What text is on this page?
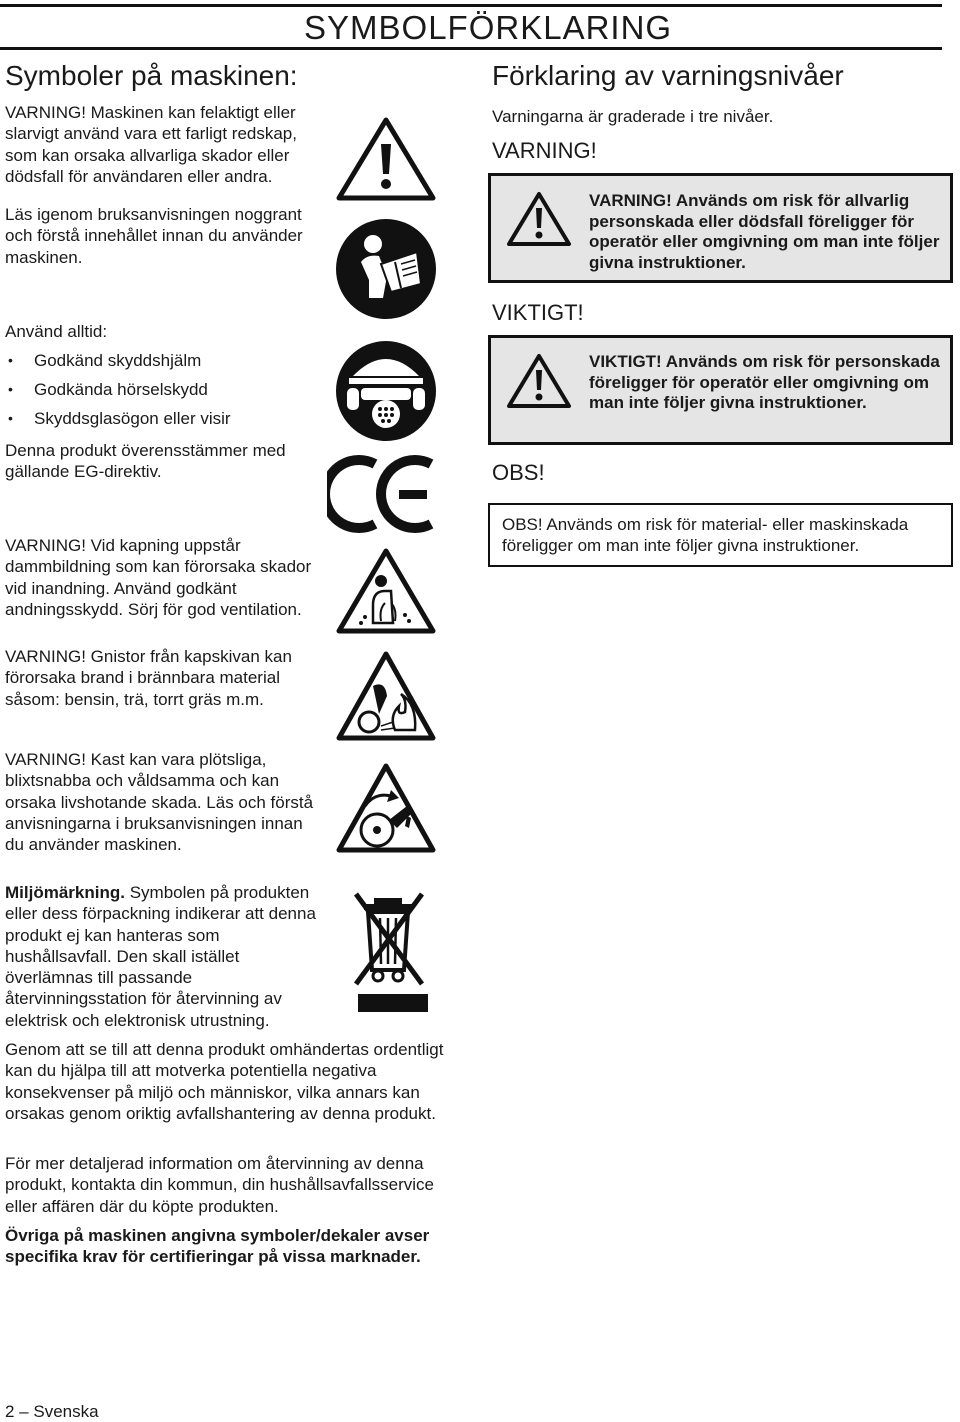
SYMBOLFÖRKLARING
Symboler på maskinen:

VARNING! Maskinen kan felaktigt eller slarvigt använd vara ett farligt redskap, som kan orsaka allvarliga skador eller dödsfall för användaren eller andra.

Läs igenom bruksanvisningen noggrant och förstå innehållet innan du använder maskinen.

Använd alltid:

• Godkänd skyddshjälm
• Godkända hörselskydd
• Skyddsglasögon eller visir

Denna produkt överensstämmer med gällande EG-direktiv.

VARNING! Vid kapning uppstår dammbildning som kan förorsaka skador vid inandning. Använd godkänt andningsskydd. Sörj för god ventilation.

VARNING! Gnistor från kapskivan kan förorsaka brand i brännbara material såsom: bensin, trä, torrt gräs m.m.

VARNING! Kast kan vara plötsliga, blixtsnabba och våldsamma och kan orsaka livshotande skada. Läs och förstå anvisningarna i bruksanvisningen innan du använder maskinen.

Miljömärkning. Symbolen på produkten eller dess förpackning indikerar att denna produkt ej kan hanteras som hushållsavfall. Den skall istället överlämnas till passande återvinningsstation för återvinning av elektrisk och elektronisk utrustning.

Genom att se till att denna produkt omhändertas ordentligt kan du hjälpa till att motverka potentiella negativa konsekvenser på miljö och människor, vilka annars kan orsakas genom oriktig avfallshantering av denna produkt.

För mer detaljerad information om återvinning av denna produkt, kontakta din kommun, din hushållsavfallsservice eller affären där du köpte produkten.

Övriga på maskinen angivna symboler/dekaler avser specifika krav för certifieringar på vissa marknader.

Förklaring av varningsnivåer

Varningarna är graderade i tre nivåer.

VARNING!

VARNING! Används om risk för allvarlig personskada eller dödsfall föreligger för operatör eller omgivning om man inte följer givna instruktioner.

VIKTIGT!

VIKTIGT! Används om risk för personskada föreligger för operatör eller omgivning om man inte följer givna instruktioner.

OBS!

OBS! Används om risk för material- eller maskinskada föreligger om man inte följer givna instruktioner.

2 – Svenska
